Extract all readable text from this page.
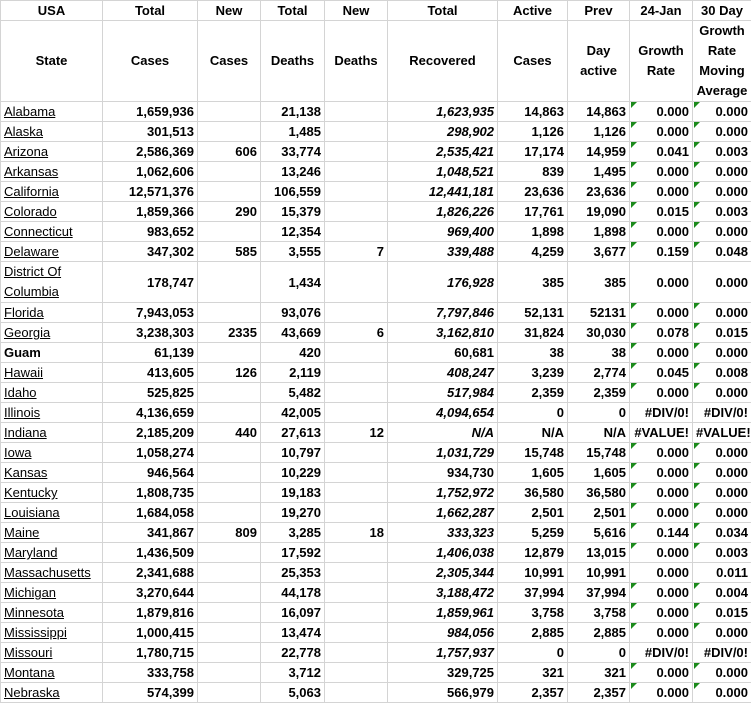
USA	Total	New	Total	New	Total	Active	Prev	24-Jan	30 Day
State	Cases	Cases	Deaths	Deaths	Recovered	Cases	Day active	Growth Rate	Growth Rate Moving Average
Alabama	1,659,936		21,138		1,623,935	14,863	14,863	0.000	0.000
Alaska	301,513		1,485		298,902	1,126	1,126	0.000	0.000
Arizona	2,586,369	606	33,774		2,535,421	17,174	14,959	0.041	0.003
Arkansas	1,062,606		13,246		1,048,521	839	1,495	0.000	0.000
California	12,571,376		106,559		12,441,181	23,636	23,636	0.000	0.000
Colorado	1,859,366	290	15,379		1,826,226	17,761	19,090	0.015	0.003
Connecticut	983,652		12,354		969,400	1,898	1,898	0.000	0.000
Delaware	347,302	585	3,555	7	339,488	4,259	3,677	0.159	0.048
District Of Columbia	178,747		1,434		176,928	385	385	0.000	0.000
Florida	7,943,053		93,076		7,797,846	52,131	52131	0.000	0.000
Georgia	3,238,303	2335	43,669	6	3,162,810	31,824	30,030	0.078	0.015
Guam	61,139		420		60,681	38	38	0.000	0.000
Hawaii	413,605	126	2,119		408,247	3,239	2,774	0.045	0.008
Idaho	525,825		5,482		517,984	2,359	2,359	0.000	0.000
Illinois	4,136,659		42,005		4,094,654	0	0	#DIV/0!	#DIV/0!
Indiana	2,185,209	440	27,613	12	N/A	N/A	N/A	#VALUE!	#VALUE!
Iowa	1,058,274		10,797		1,031,729	15,748	15,748	0.000	0.000
Kansas	946,564		10,229		934,730	1,605	1,605	0.000	0.000
Kentucky	1,808,735		19,183		1,752,972	36,580	36,580	0.000	0.000
Louisiana	1,684,058		19,270		1,662,287	2,501	2,501	0.000	0.000
Maine	341,867	809	3,285	18	333,323	5,259	5,616	0.144	0.034
Maryland	1,436,509		17,592		1,406,038	12,879	13,015	0.000	0.003
Massachusetts	2,341,688		25,353		2,305,344	10,991	10,991	0.000	0.011
Michigan	3,270,644		44,178		3,188,472	37,994	37,994	0.000	0.004
Minnesota	1,879,816		16,097		1,859,961	3,758	3,758	0.000	0.015
Mississippi	1,000,415		13,474		984,056	2,885	2,885	0.000	0.000
Missouri	1,780,715		22,778		1,757,937	0	0	#DIV/0!	#DIV/0!
Montana	333,758		3,712		329,725	321	321	0.000	0.000
Nebraska	574,399		5,063		566,979	2,357	2,357	0.000	0.000
